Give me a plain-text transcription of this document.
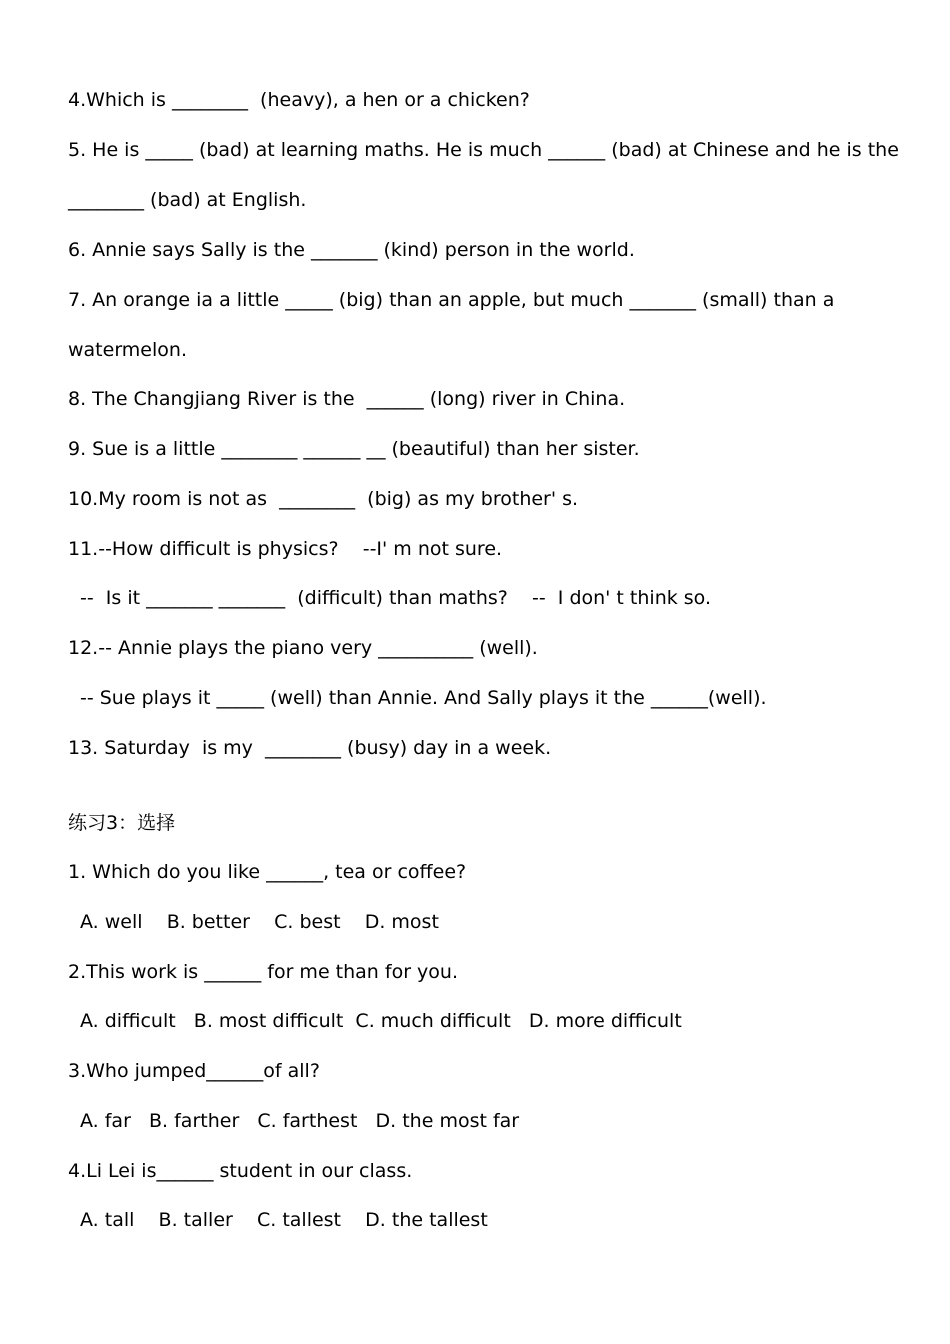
4.Which is ________  (heavy), a hen or a chicken?
5. He is _____ (bad) at learning maths. He is much ______ (bad) at Chinese and he is the
________ (bad) at English.
6. Annie says Sally is the _______ (kind) person in the world.
7. An orange ia a little _____ (big) than an apple, but much _______ (small) than a
watermelon.
8. The Changjiang River is the  ______ (long) river in China.
9. Sue is a little ________ ______ __ (beautiful) than her sister.
10.My room is not as  ________  (big) as my brother' s.
11.--How difficult is physics?    --I' m not sure.
--  Is it _______ _______  (difficult) than maths?    --  I don' t think so.
12.-- Annie plays the piano very __________ (well).
-- Sue plays it _____ (well) than Annie. And Sally plays it the ______(well).
13. Saturday  is my  ________ (busy) day in a week.
练习3：选择
1. Which do you like ______, tea or coffee?
A. well    B. better    C. best    D. most
2.This work is ______ for me than for you.
A. difficult   B. most difficult  C. much difficult   D. more difficult
3.Who jumped______of all?
A. far   B. farther   C. farthest   D. the most far
4.Li Lei is______ student in our class.
A. tall    B. taller    C. tallest    D. the tallest
